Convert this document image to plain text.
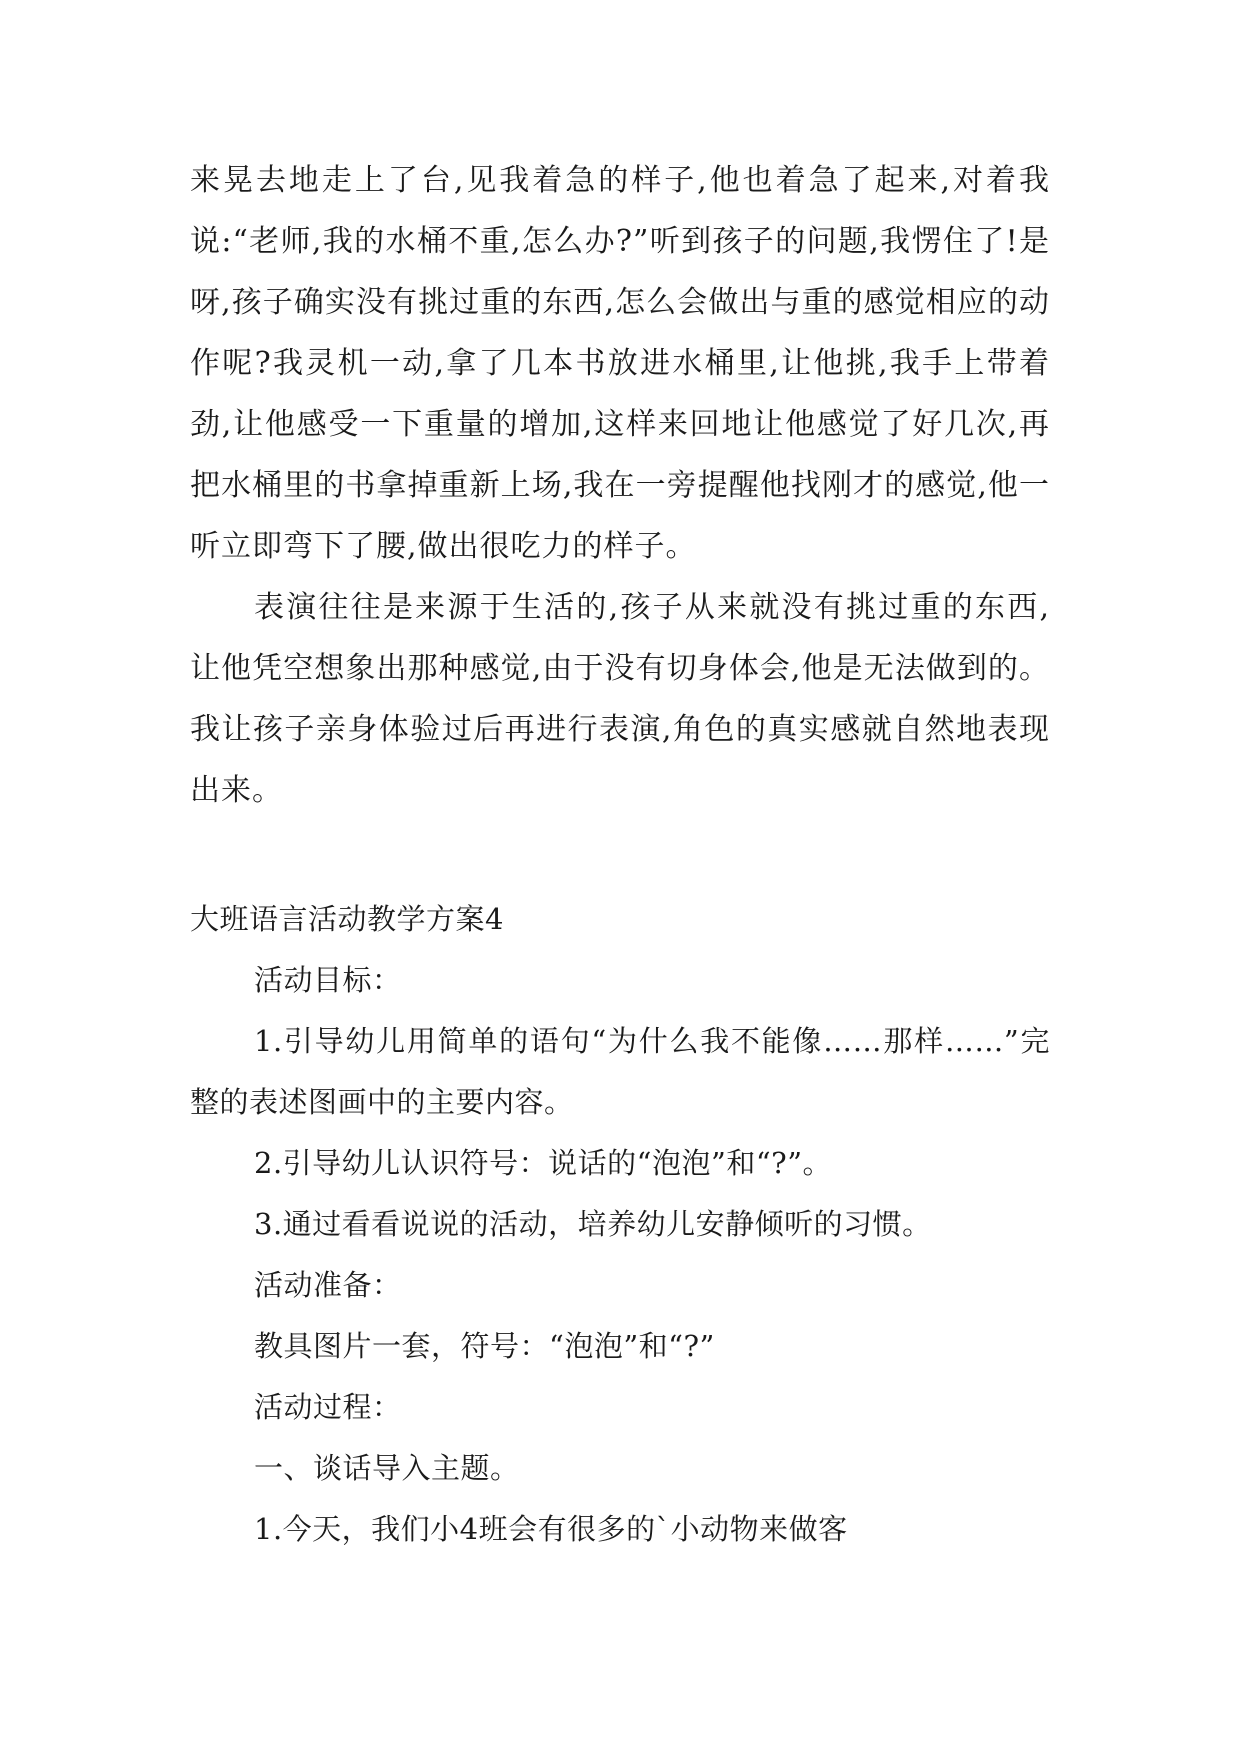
来晃去地走上了台,见我着急的样子,他也着急了起来,对着我说:“老师,我的水桶不重,怎么办?”听到孩子的问题,我愣住了!是呀,孩子确实没有挑过重的东西,怎么会做出与重的感觉相应的动作呢?我灵机一动,拿了几本书放进水桶里,让他挑,我手上带着劲,让他感受一下重量的增加,这样来回地让他感觉了好几次,再把水桶里的书拿掉重新上场,我在一旁提醒他找刚才的感觉,他一听立即弯下了腰,做出很吃力的样子。

表演往往是来源于生活的,孩子从来就没有挑过重的东西,让他凭空想象出那种感觉,由于没有切身体会,他是无法做到的。我让孩子亲身体验过后再进行表演,角色的真实感就自然地表现出来。

大班语言活动教学方案4

活动目标：

1.引导幼儿用简单的语句“为什么我不能像……那样……”完整的表述图画中的主要内容。

2.引导幼儿认识符号：说话的“泡泡”和“?”。

3.通过看看说说的活动，培养幼儿安静倾听的习惯。

活动准备：

教具图片一套，符号：“泡泡”和“?”

活动过程：

一、谈话导入主题。

1.今天，我们小4班会有很多的`小动物来做客
